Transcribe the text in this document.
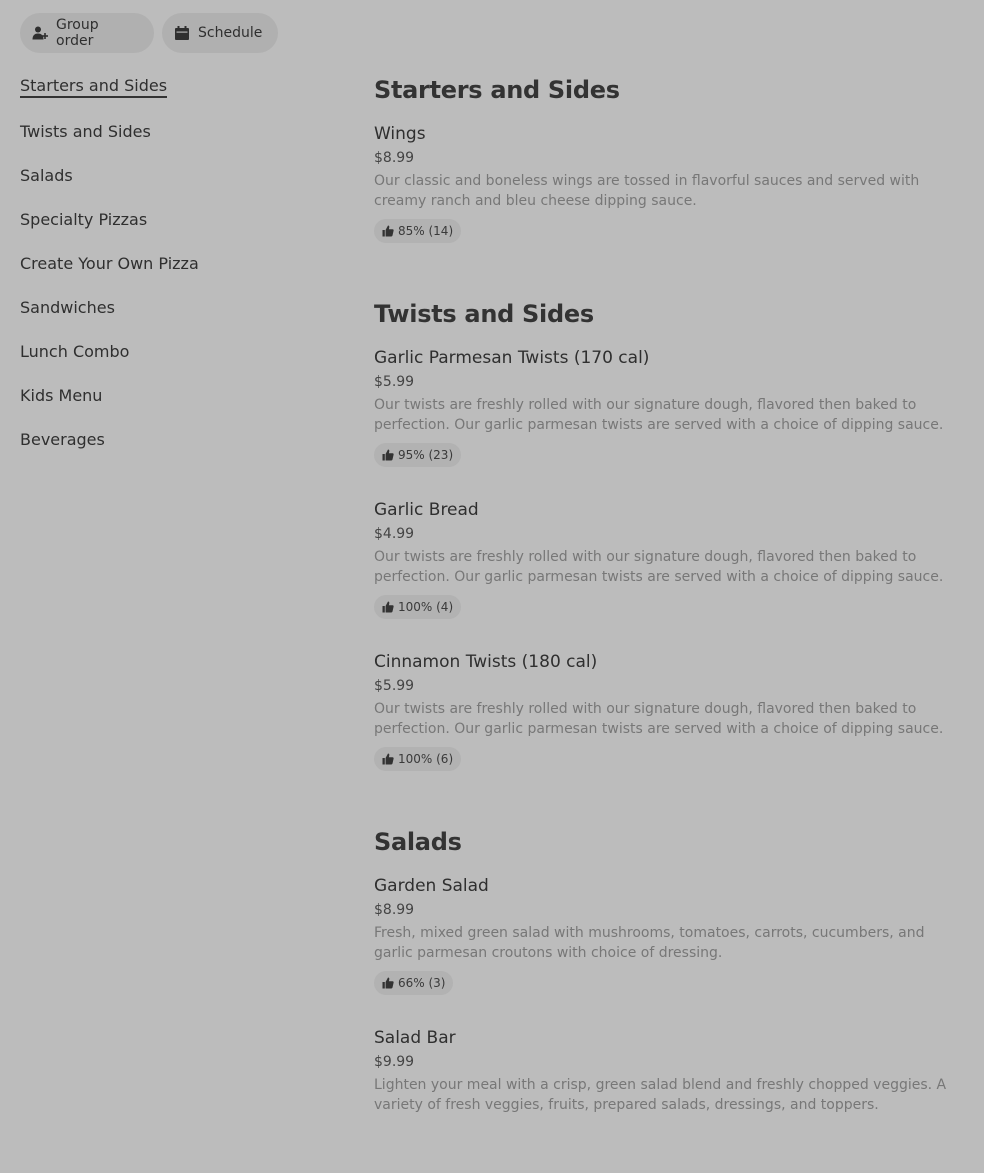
Group order	Schedule
Starters and Sides
Twists and Sides
Salads
Specialty Pizzas
Create Your Own Pizza
Sandwiches
Lunch Combo
Kids Menu
Beverages
Starters and Sides
Wings
$8.99
Our classic and boneless wings are tossed in flavorful sauces and served with creamy ranch and bleu cheese dipping sauce.
85% (14)
Twists and Sides
Garlic Parmesan Twists (170 cal)
$5.99
Our twists are freshly rolled with our signature dough, flavored then baked to perfection. Our garlic parmesan twists are served with a choice of dipping sauce.
95% (23)
Garlic Bread
$4.99
Our twists are freshly rolled with our signature dough, flavored then baked to perfection. Our garlic parmesan twists are served with a choice of dipping sauce.
100% (4)
Cinnamon Twists (180 cal)
$5.99
Our twists are freshly rolled with our signature dough, flavored then baked to perfection. Our garlic parmesan twists are served with a choice of dipping sauce.
100% (6)
Salads
Garden Salad
$8.99
Fresh, mixed green salad with mushrooms, tomatoes, carrots, cucumbers, and garlic parmesan croutons with choice of dressing.
66% (3)
Salad Bar
$9.99
Lighten your meal with a crisp, green salad blend and freshly chopped veggies. A variety of fresh veggies, fruits, prepared salads, dressings, and toppers.
